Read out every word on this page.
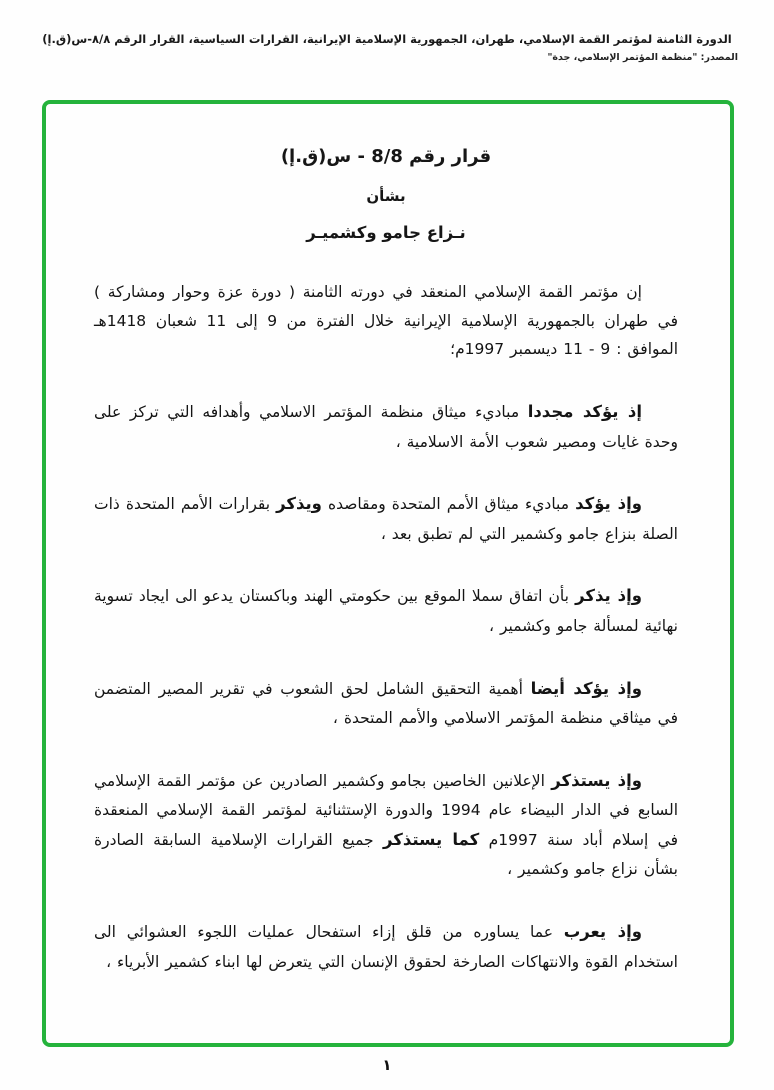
الدورة الثامنة لمؤتمر القمة الإسلامي، طهران، الجمهورية الإسلامية الإيرانية، القرارات السياسية، القرار الرقم ٨/٨-س(ق.إ)
المصدر: "منظمة المؤتمر الإسلامي، جدة"
قرار رقم 8/8 - س(ق.إ)
بشأن
نـزاع جامو وكشميـر

إن مؤتمر القمة الإسلامي المنعقد في دورته الثامنة ( دورة عزة وحوار ومشاركة ) في طهران بالجمهورية الإسلامية الإيرانية خلال الفترة من 9 إلى 11 شعبان 1418هـ الموافق : 9 - 11 ديسمبر 1997م؛

إذ يؤكد مجددا مباديء ميثاق منظمة المؤتمر الاسلامي وأهدافه التي تركز على وحدة غايات ومصير شعوب الأمة الاسلامية ،

وإذ يؤكد مباديء ميثاق الأمم المتحدة ومقاصده ويذكر بقرارات الأمم المتحدة ذات الصلة بنزاع جامو وكشمير التي لم تطبق بعد ،

وإذ يذكر بأن اتفاق سملا الموقع بين حكومتي الهند وباكستان يدعو الى ايجاد تسوية نهائية لمسألة جامو وكشمير ،

وإذ يؤكد أيضا أهمية التحقيق الشامل لحق الشعوب في تقرير المصير المتضمن في ميثاقي منظمة المؤتمر الاسلامي والأمم المتحدة ،

وإذ يستذكر الإعلانين الخاصين بجامو وكشمير الصادرين عن مؤتمر القمة الإسلامي السابع في الدار البيضاء عام 1994 والدورة الإستثنائية لمؤتمر القمة الإسلامي المنعقدة في إسلام أباد سنة 1997م كما يستذكر جميع القرارات الإسلامية السابقة الصادرة بشأن نزاع جامو وكشمير ،

وإذ يعرب عما يساوره من قلق إزاء استفحال عمليات اللجوء العشوائي الى استخدام القوة والانتهاكات الصارخة لحقوق الإنسان التي يتعرض لها ابناء كشمير الأبرياء ،

١
